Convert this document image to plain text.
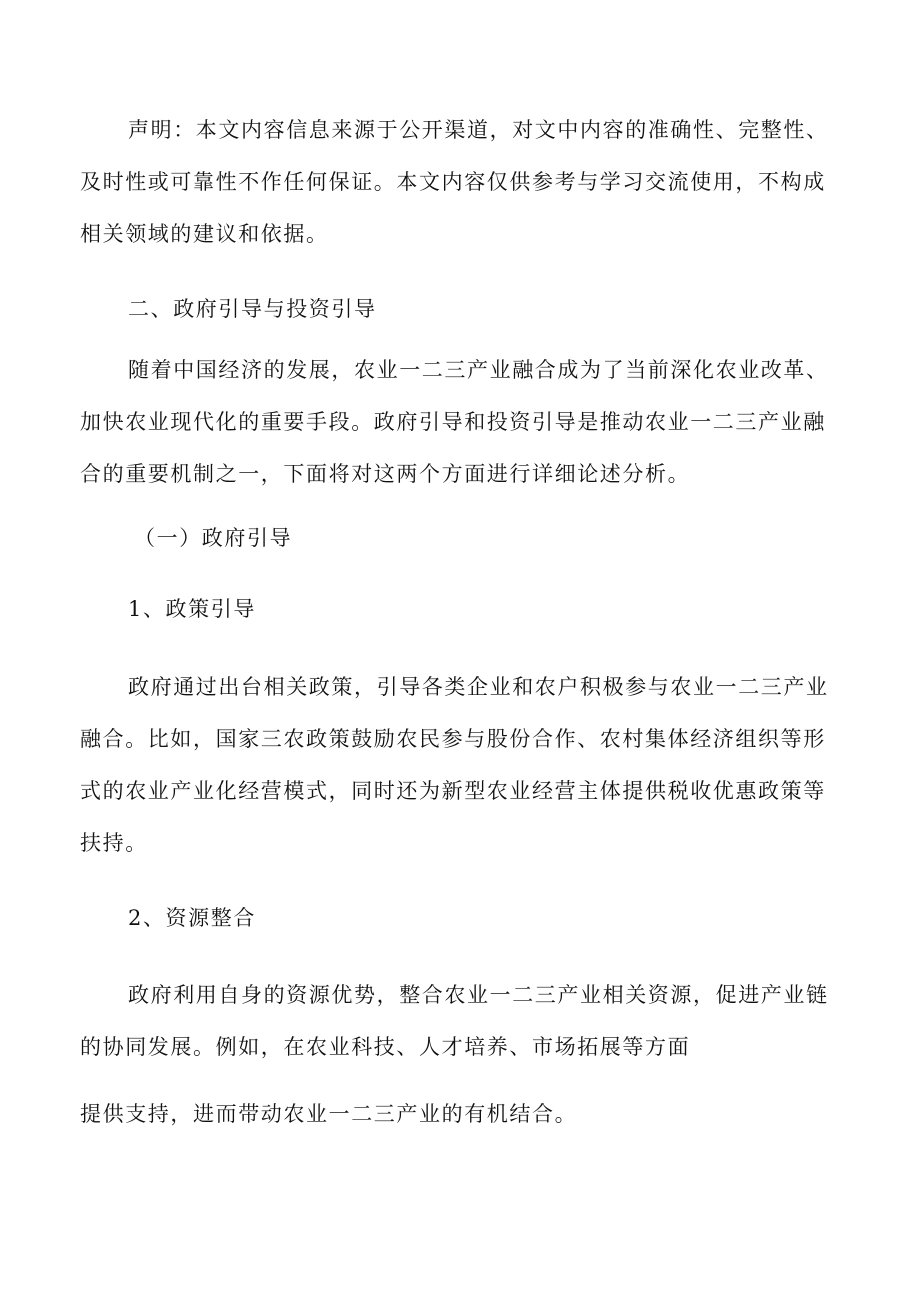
声明：本文内容信息来源于公开渠道，对文中内容的准确性、完整性、
及时性或可靠性不作任何保证。本文内容仅供参考与学习交流使用，不构成
相关领域的建议和依据。
二、政府引导与投资引导
随着中国经济的发展，农业一二三产业融合成为了当前深化农业改革、
加快农业现代化的重要手段。政府引导和投资引导是推动农业一二三产业融
合的重要机制之一，下面将对这两个方面进行详细论述分析。
（一）政府引导
1、政策引导
政府通过出台相关政策，引导各类企业和农户积极参与农业一二三产业
融合。比如，国家三农政策鼓励农民参与股份合作、农村集体经济组织等形
式的农业产业化经营模式，同时还为新型农业经营主体提供税收优惠政策等
扶持。
2、资源整合
政府利用自身的资源优势，整合农业一二三产业相关资源，促进产业链
的协同发展。例如，在农业科技、人才培养、市场拓展等方面
提供支持，进而带动农业一二三产业的有机结合。
